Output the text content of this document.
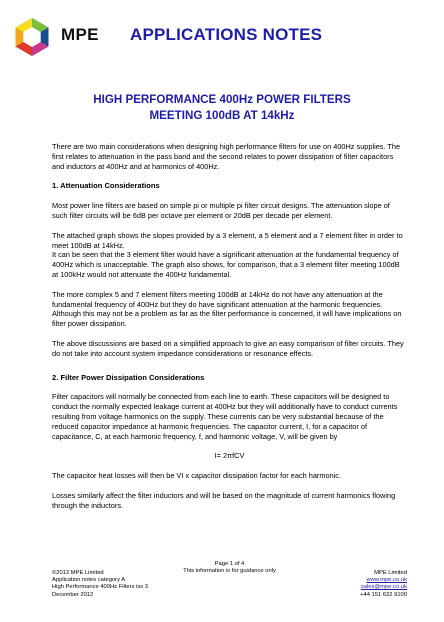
MPE APPLICATIONS NOTES
HIGH PERFORMANCE 400Hz POWER FILTERS
MEETING 100dB AT 14kHz

There are two main considerations when designing high performance filters for use on 400Hz supplies. The first relates to attenuation in the pass band and the second relates to power dissipation of filter capacitors and inductors at 400Hz and at harmonics of 400Hz.

1. Attenuation Considerations

Most power line filters are based on simple pi or multiple pi filter circuit designs. The attenuation slope of such filter circuits will be 6dB per octave per element or 20dB per decade per element.

The attached graph shows the slopes provided by a 3 element, a 5 element and a 7 element filter in order to meet 100dB at 14kHz.
It can be seen that the 3 element filter would have a significant attenuation at the fundamental frequency of 400Hz which is unacceptable. The graph also shows, for comparison, that a 3 element filter meeting 100dB at 100kHz would not attenuate the 400Hz fundamental.

The more complex 5 and 7 element filters meeting 100dB at 14kHz do not have any attenuation at the fundamental frequency of 400Hz but they do have significant attenuation at the harmonic frequencies. Although this may not be a problem as far as the filter performance is concerned, it will have implications on filter power dissipation.

The above discussions are based on a simplified approach to give an easy comparison of filter circuits. They do not take into account system impedance considerations or resonance effects.

2. Filter Power Dissipation Considerations

Filter capacitors will normally be connected from each line to earth. These capacitors will be designed to conduct the normally expected leakage current at 400Hz but they will additionally have to conduct currents resulting from voltage harmonics on the supply. These currents can be very substantial because of the reduced capacitor impedance at harmonic frequencies. The capacitor current, I, for a capacitor of capacitance, C, at each harmonic frequency, f, and harmonic voltage, V, will be given by

I= 2πfCV

The capacitor heat losses will then be VI x capacitor dissipation factor for each harmonic.

Losses similarly affect the filter inductors and will be based on the magnitude of current harmonics flowing through the inductors.

Page 1 of 4
This information is for guidance only
©2012 MPE Limited
Application notes category A
High Performance 400Hz Filters iss 3
December 2012
MPE Limited
www.mpe.co.uk
sales@mpe.co.uk
+44 151 632 9100
